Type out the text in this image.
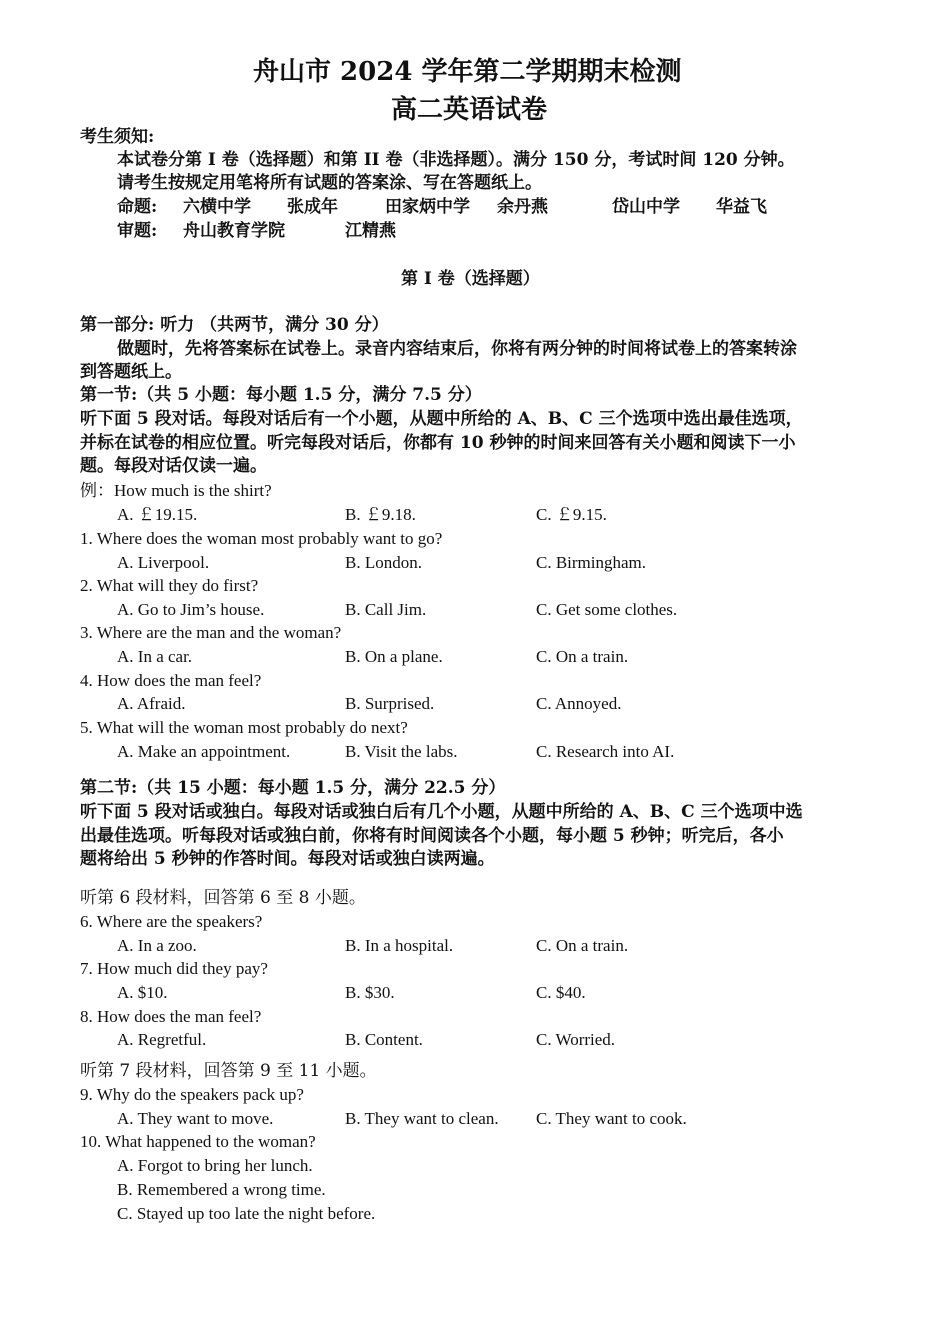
舟山市 2024 学年第二学期期末检测
高二英语试卷
考生须知:
本试卷分第 I 卷（选择题）和第 II 卷（非选择题）。满分 150 分，考试时间 120 分钟。
请考生按规定用笔将所有试题的答案涂、写在答题纸上。
命题: 六横中学 张成年	田家炳中学 余丹燕	岱山中学 华益飞
审题: 舟山教育学院	江精燕
第 I 卷（选择题）
第一部分: 听力 （共两节，满分 30 分）
做题时，先将答案标在试卷上。录音内容结束后，你将有两分钟的时间将试卷上的答案转涂
到答题纸上。
第一节:（共 5 小题：每小题 1.5 分，满分 7.5 分）
听下面 5 段对话。每段对话后有一个小题，从题中所给的 A、B、C 三个选项中选出最佳选项，
并标在试卷的相应位置。听完每段对话后，你都有 10 秒钟的时间来回答有关小题和阅读下一小
题。每段对话仅读一遍。
例：How much is the shirt?
A. ￡19.15.	B. ￡9.18.	C. ￡9.15.
1. Where does the woman most probably want to go?
A. Liverpool.	B. London.	C. Birmingham.
2. What will they do first?
A. Go to Jim’s house.	B. Call Jim.	C. Get some clothes.
3. Where are the man and the woman?
A. In a car.	B. On a plane.	C. On a train.
4. How does the man feel?
A. Afraid.	B. Surprised.	C. Annoyed.
5. What will the woman most probably do next?
A. Make an appointment.	B. Visit the labs.	C. Research into AI.
第二节:（共 15 小题：每小题 1.5 分，满分 22.5 分）
听下面 5 段对话或独白。每段对话或独白后有几个小题，从题中所给的 A、B、C 三个选项中选
出最佳选项。听每段对话或独白前，你将有时间阅读各个小题，每小题 5 秒钟；听完后，各小
题将给出 5 秒钟的作答时间。每段对话或独白读两遍。
听第 6 段材料，回答第 6 至 8 小题。
6. Where are the speakers?
A. In a zoo.	B. In a hospital.	C. On a train.
7. How much did they pay?
A. $10.	B. $30.	C. $40.
8. How does the man feel?
A. Regretful.	B. Content.	C. Worried.
听第 7 段材料，回答第 9 至 11 小题。
9. Why do the speakers pack up?
A. They want to move.	B. They want to clean. C. They want to cook.
10. What happened to the woman?
A. Forgot to bring her lunch.
B. Remembered a wrong time.
C. Stayed up too late the night before.
